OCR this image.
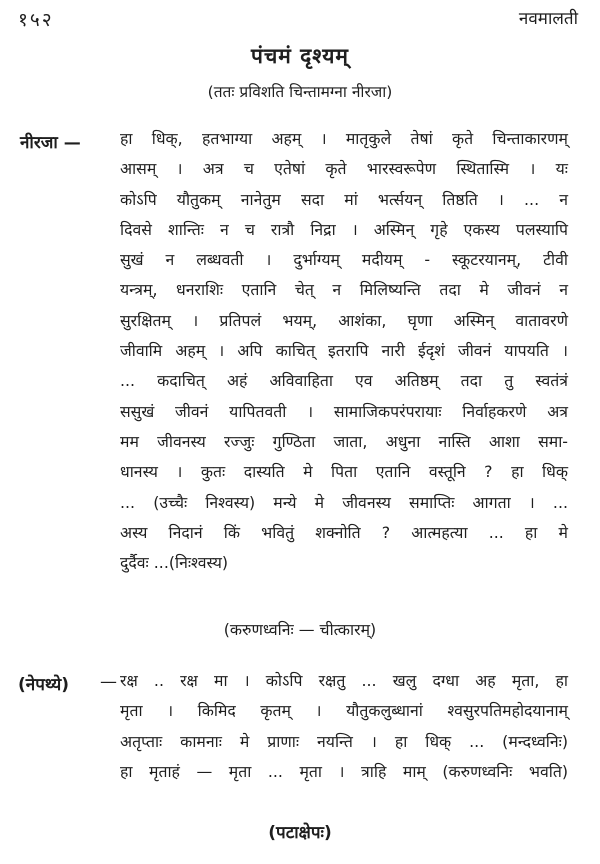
१५२	नवमालती
पंचमं दृश्यम्
(ततः प्रविशति चिन्तामग्ना नीरजा)
नीरजा — हा धिक्, हतभाग्या अहम् । मातृकुले तेषां कृते चिन्ताकारणम्
आसम् । अत्र च एतेषां कृते भारस्वरूपेण स्थितास्मि । यः
कोऽपि यौतुकम् नानेतुम सदा मां भर्त्सयन् तिष्ठति । ... न
दिवसे शान्तिः न च रात्रौ निद्रा । अस्मिन् गृहे एकस्य पलस्यापि
सुखं न लब्धवती । दुर्भाग्यम् मदीयम् - स्कूटरयानम्, टीवी
यन्त्रम्, धनराशिः एतानि चेत् न मिलिष्यन्ति तदा मे जीवनं न
सुरक्षितम् । प्रतिपलं भयम्, आशंका, घृणा अस्मिन् वातावरणे
जीवामि अहम् । अपि काचित् इतरापि नारी ईदृशं जीवनं यापयति ।
... कदाचित् अहं अविवाहिता एव अतिष्ठम् तदा तु स्वतंत्रं
ससुखं जीवनं यापितवती । सामाजिकपरंपरायाः निर्वाहकरणे अत्र
मम जीवनस्य रज्जुः गुण्ठिता जाता, अधुना नास्ति आशा समा-
धानस्य । कुतः दास्यति मे पिता एतानि वस्तूनि ? हा धिक्
... (उच्चैः निश्वस्य) मन्ये मे जीवनस्य समाप्तिः आगता । ...
अस्य निदानं किं भवितुं शक्नोति ? आत्महत्या ... हा मे
दुर्दैवः ...(निःश्वस्य)
(करुणध्वनिः — चीत्कारम्)
(नेपथ्ये) — रक्ष .. रक्ष मा । कोऽपि रक्षतु ... खलु दग्धा अह मृता, हा
मृता । किमिद कृतम् । यौतुकलुब्धानां श्वसुरपतिमहोदयानाम्
अतृप्ताः कामनाः मे प्राणाः नयन्ति । हा धिक् ... (मन्दध्वनिः)
हा मृताहं — मृता ... मृता । त्राहि माम् (करुणध्वनिः भवति)
(पटाक्षेपः)
